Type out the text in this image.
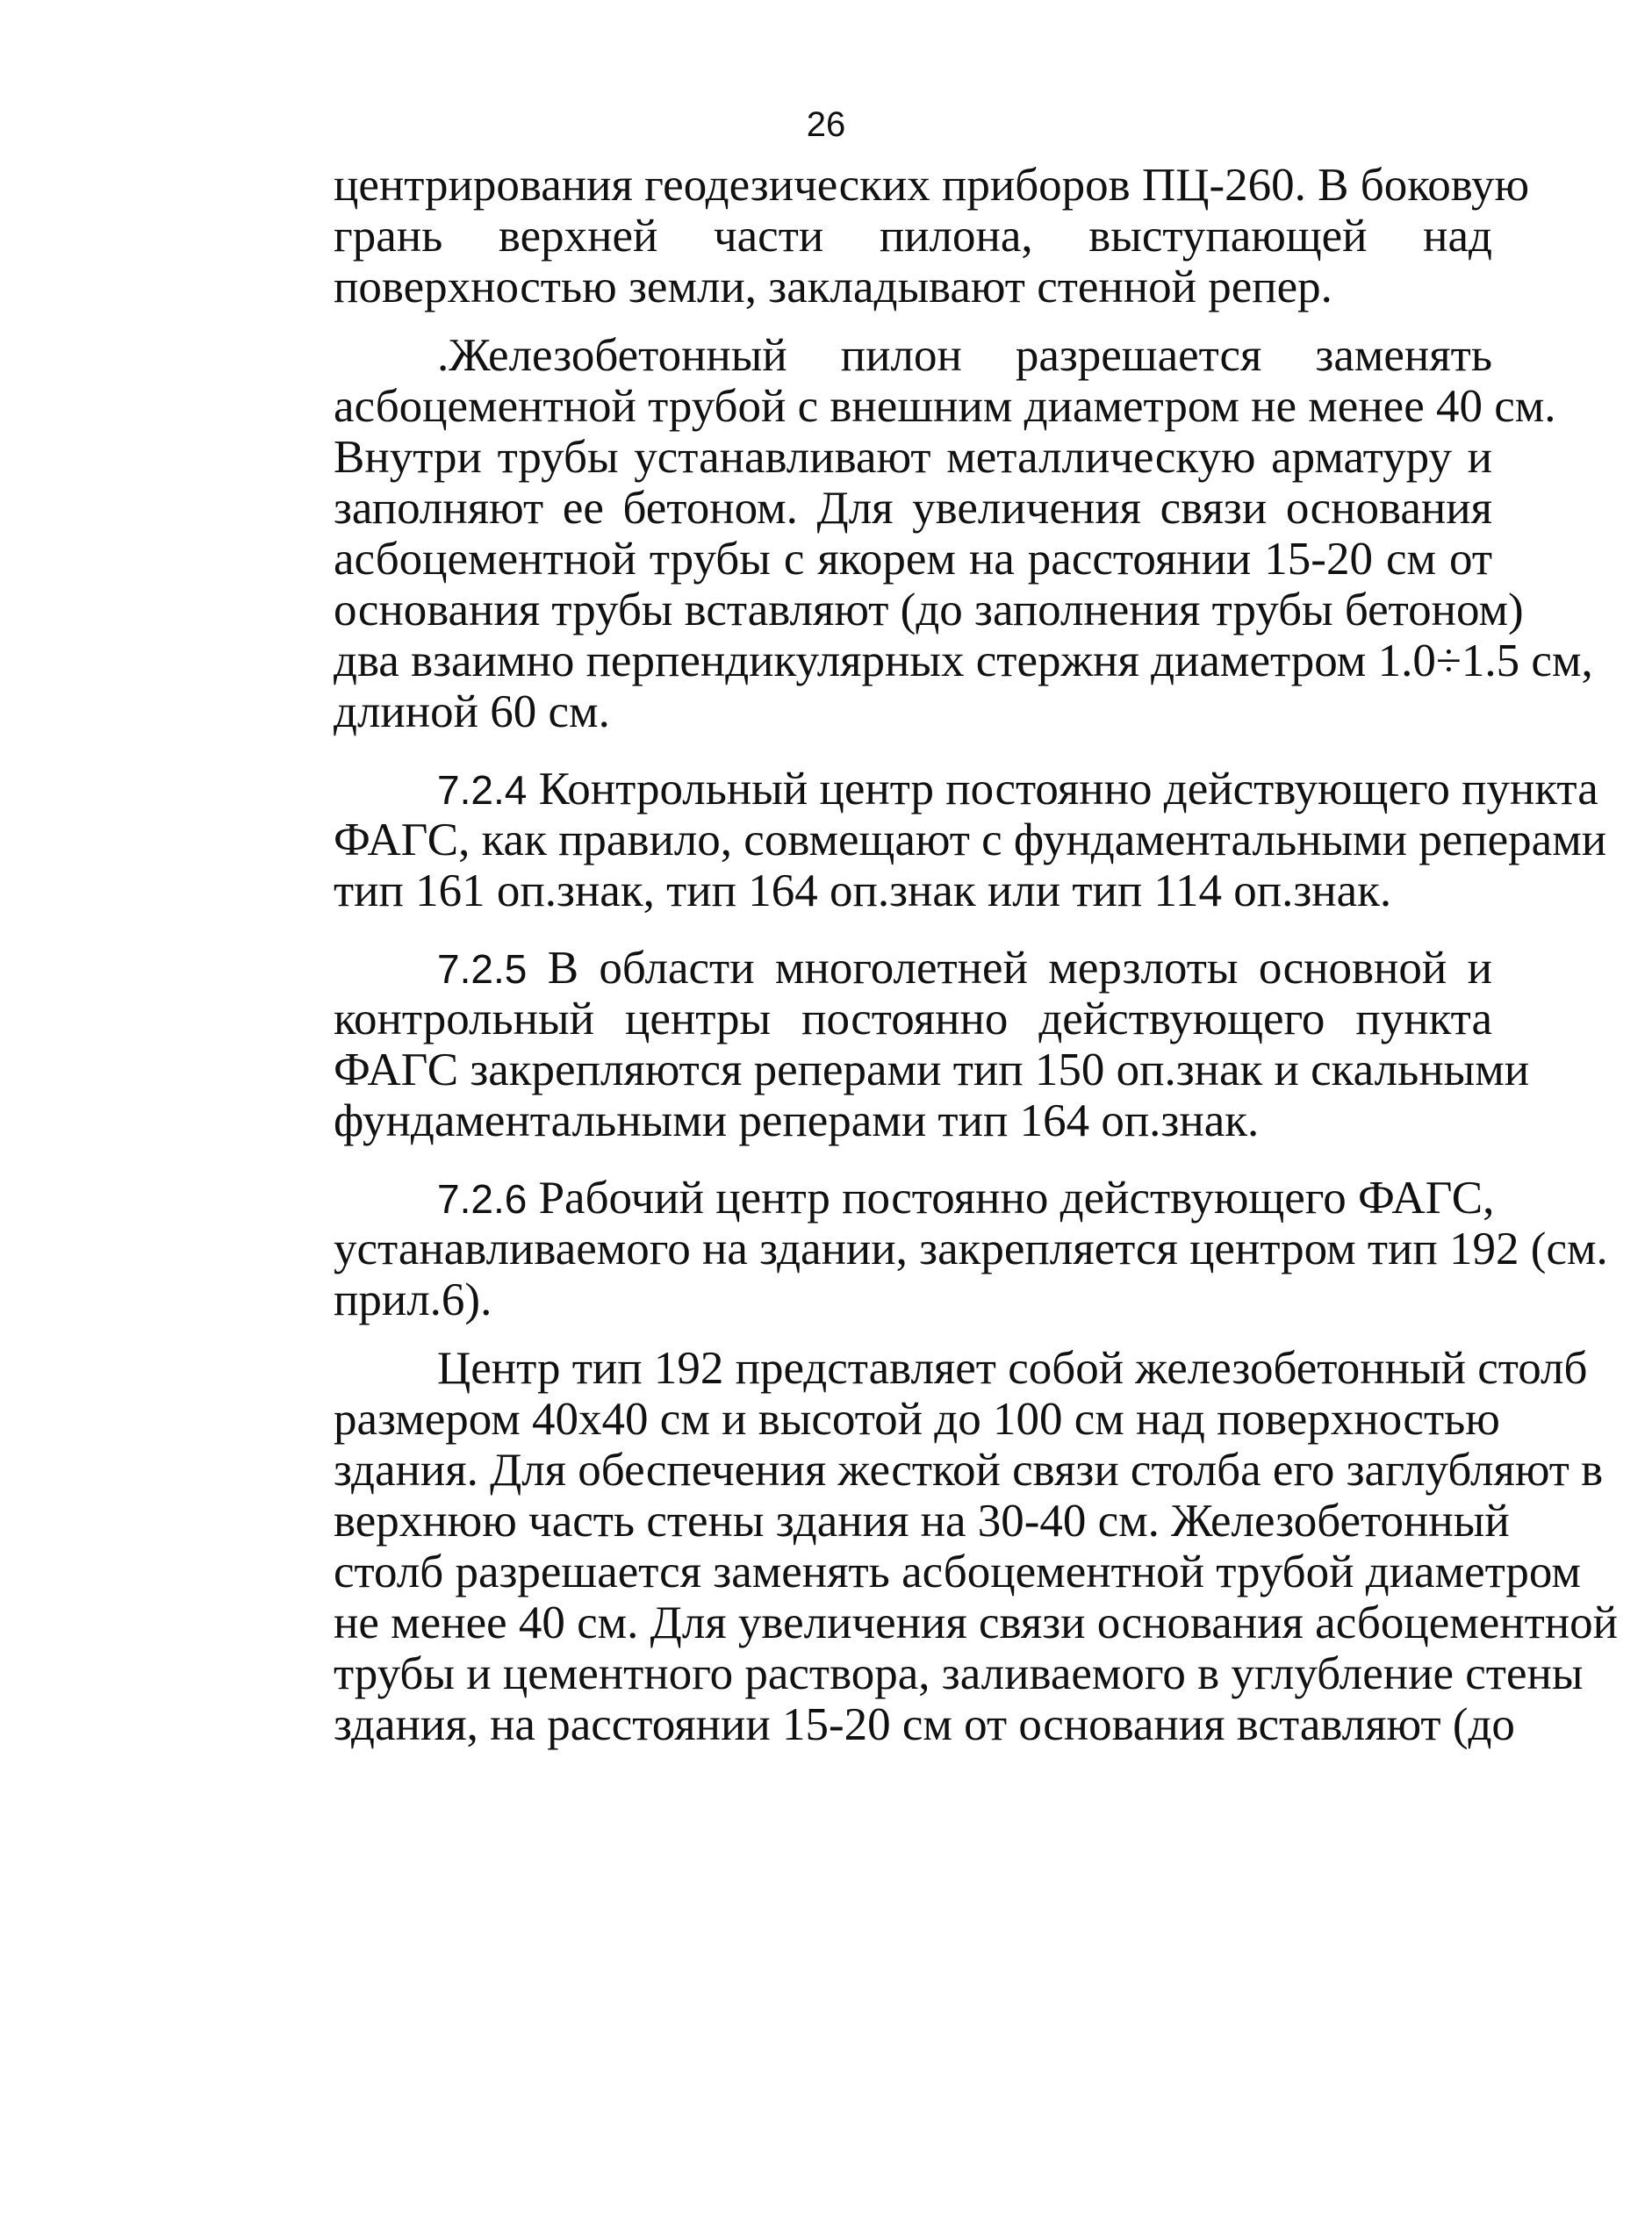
26
центрирования геодезических приборов ПЦ-260. В боковую
грань верхней части пилона, выступающей над
поверхностью земли, закладывают стенной репер.
.Железобетонный пилон разрешается заменять
асбоцементной трубой с внешним диаметром не менее 40 см.
Внутри трубы устанавливают металлическую арматуру и
заполняют ее бетоном. Для увеличения связи основания
асбоцементной трубы с якорем на расстоянии 15-20 см от
основания трубы вставляют (до заполнения трубы бетоном)
два взаимно перпендикулярных стержня диаметром 1.0÷1.5 см,
длиной 60 см.
7.2.4 Контрольный центр постоянно действующего пункта
ФАГС, как правило, совмещают с фундаментальными реперами
тип 161 оп.знак, тип 164 оп.знак или тип 114 оп.знак.
7.2.5 В области многолетней мерзлоты основной и
контрольный центры постоянно действующего пункта
ФАГС закрепляются реперами тип 150 оп.знак и скальными
фундаментальными реперами тип 164 оп.знак.
7.2.6 Рабочий центр постоянно действующего ФАГС,
устанавливаемого на здании, закрепляется центром тип 192 (см.
прил.6).
Центр тип 192 представляет собой железобетонный столб
размером 40х40 см и высотой до 100 см над поверхностью
здания. Для обеспечения жесткой связи столба его заглубляют в
верхнюю часть стены здания на 30-40 см. Железобетонный
столб разрешается заменять асбоцементной трубой диаметром
не менее 40 см. Для увеличения связи основания асбоцементной
трубы и цементного раствора, заливаемого в углубление стены
здания, на расстоянии 15-20 см от основания вставляют (до
